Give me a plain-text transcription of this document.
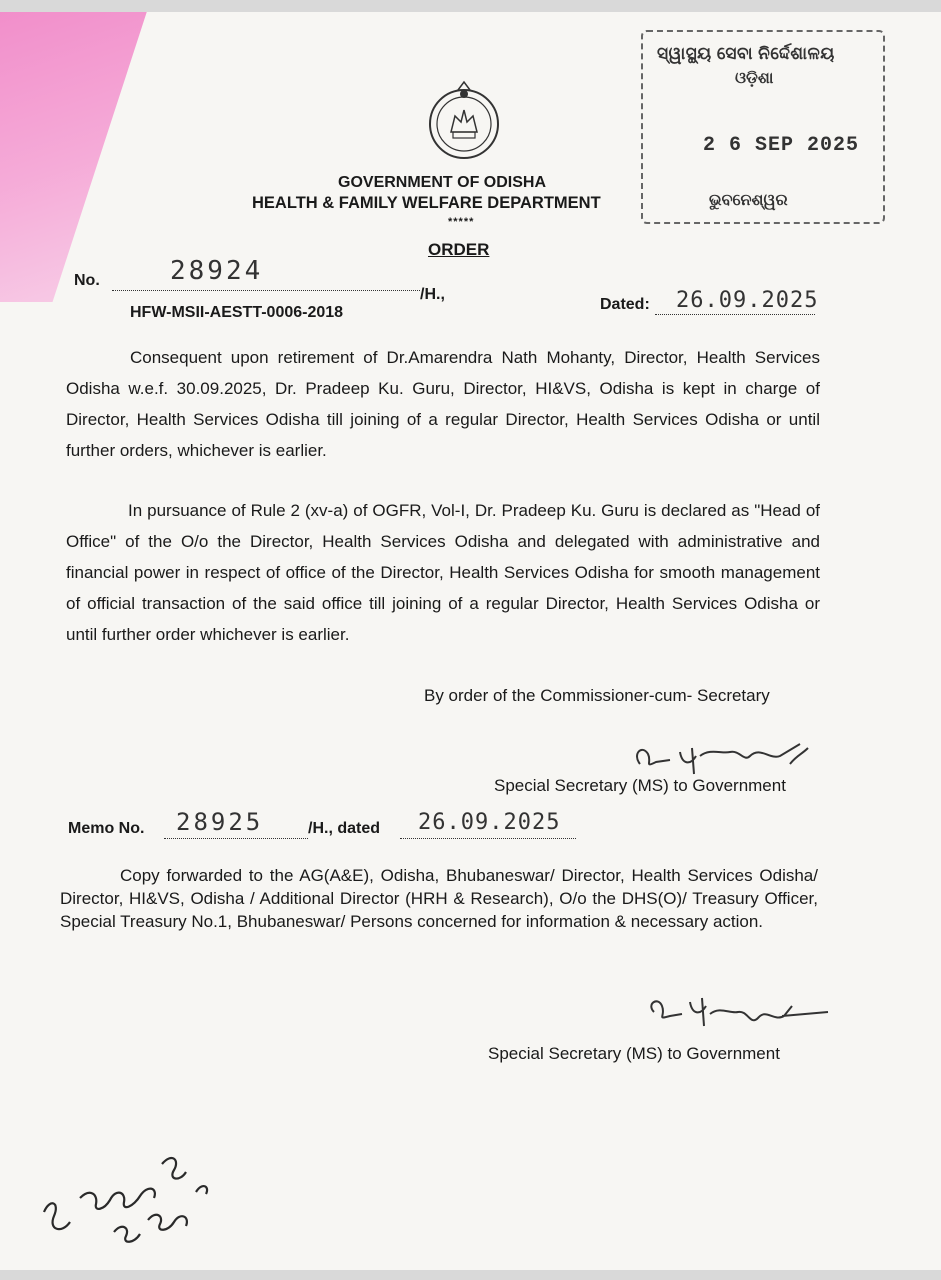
ସ୍ୱାସ୍ଥ୍ୟ ସେବା ନିର୍ଦ୍ଦେଶାଳୟ
ଓଡ଼ିଶା
2 6 SEP 2025
ଭୁବନେଶ୍ୱର
GOVERNMENT OF ODISHA
HEALTH & FAMILY WELFARE DEPARTMENT
*****
ORDER
No.	28924
/H.,
HFW-MSII-AESTT-0006-2018	Dated: 26.09.2025
Consequent upon retirement of Dr.Amarendra Nath Mohanty, Director, Health Services Odisha w.e.f. 30.09.2025, Dr. Pradeep Ku. Guru, Director, HI&VS, Odisha is kept in charge of Director, Health Services Odisha till joining of a regular Director, Health Services Odisha or until further orders, whichever is earlier.
In pursuance of Rule 2 (xv-a) of OGFR, Vol-I, Dr. Pradeep Ku. Guru is declared as "Head of Office" of the O/o the Director, Health Services Odisha and delegated with administrative and financial power in respect of office of the Director, Health Services Odisha for smooth management of official transaction of the said office till joining of a regular Director, Health Services Odisha or until further order whichever is earlier.
By order of the Commissioner-cum- Secretary
Special Secretary (MS) to Government
Memo No. 28925	/H., dated 26.09.2025
Copy forwarded to the AG(A&E), Odisha, Bhubaneswar/ Director, Health Services Odisha/ Director, HI&VS, Odisha / Additional Director (HRH & Research), O/o the DHS(O)/ Treasury Officer, Special Treasury No.1, Bhubaneswar/ Persons concerned for information & necessary action.
Special Secretary (MS) to Government
